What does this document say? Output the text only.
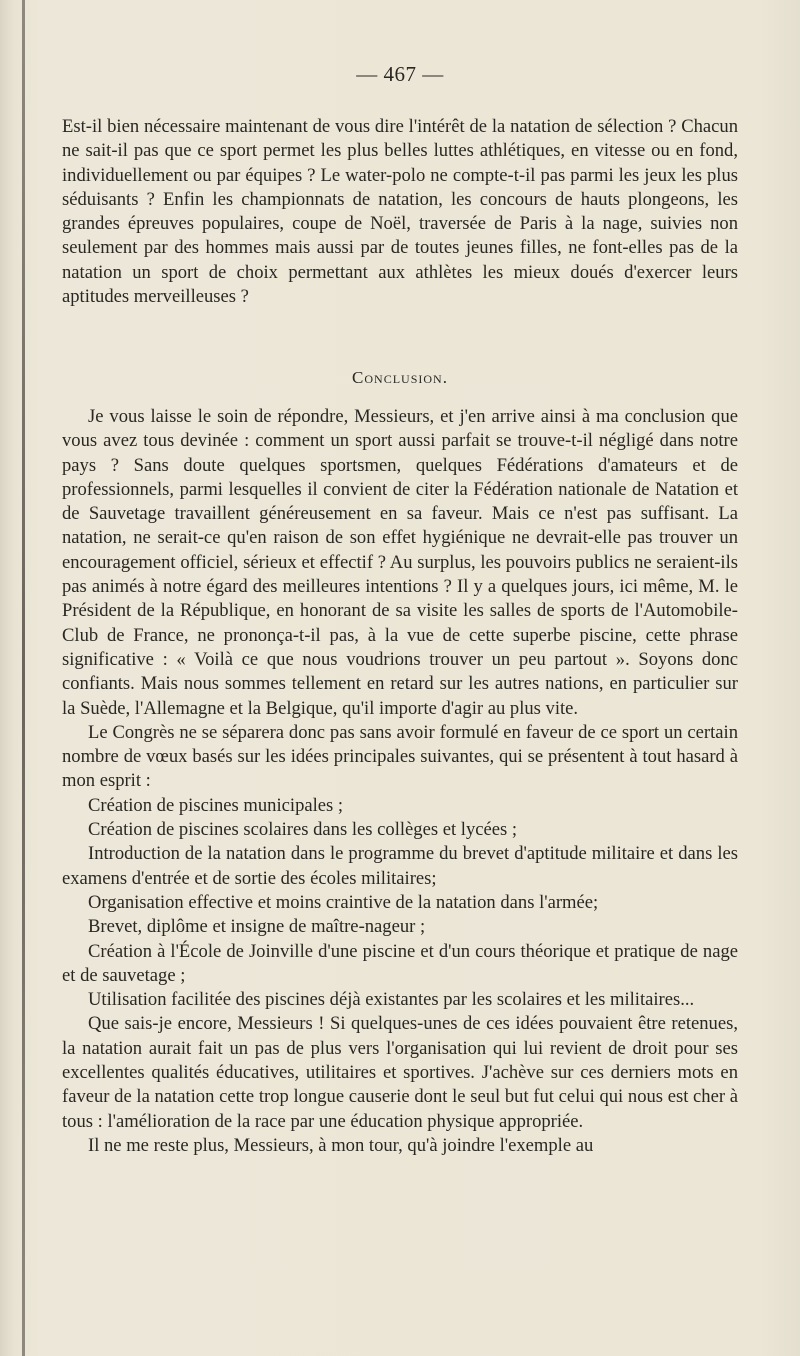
— 467 —

Est-il bien nécessaire maintenant de vous dire l'intérêt de la natation de sélection ? Chacun ne sait-il pas que ce sport permet les plus belles luttes athlétiques, en vitesse ou en fond, individuellement ou par équipes ? Le water-polo ne compte-t-il pas parmi les jeux les plus séduisants ? Enfin les championnats de natation, les concours de hauts plongeons, les grandes épreuves populaires, coupe de Noël, traversée de Paris à la nage, suivies non seulement par des hommes mais aussi par de toutes jeunes filles, ne font-elles pas de la natation un sport de choix permettant aux athlètes les mieux doués d'exercer leurs aptitudes merveilleuses ?

Conclusion.

Je vous laisse le soin de répondre, Messieurs, et j'en arrive ainsi à ma conclusion que vous avez tous devinée : comment un sport aussi parfait se trouve-t-il négligé dans notre pays ? Sans doute quelques sportsmen, quelques Fédérations d'amateurs et de professionnels, parmi lesquelles il convient de citer la Fédération nationale de Natation et de Sauvetage travaillent généreusement en sa faveur. Mais ce n'est pas suffisant. La natation, ne serait-ce qu'en raison de son effet hygiénique ne devrait-elle pas trouver un encouragement officiel, sérieux et effectif ? Au surplus, les pouvoirs publics ne seraient-ils pas animés à notre égard des meilleures intentions ? Il y a quelques jours, ici même, M. le Président de la République, en honorant de sa visite les salles de sports de l'Automobile-Club de France, ne prononça-t-il pas, à la vue de cette superbe piscine, cette phrase significative : « Voilà ce que nous voudrions trouver un peu partout ». Soyons donc confiants. Mais nous sommes tellement en retard sur les autres nations, en particulier sur la Suède, l'Allemagne et la Belgique, qu'il importe d'agir au plus vite.

Le Congrès ne se séparera donc pas sans avoir formulé en faveur de ce sport un certain nombre de vœux basés sur les idées principales suivantes, qui se présentent à tout hasard à mon esprit :

Création de piscines municipales ;

Création de piscines scolaires dans les collèges et lycées ;

Introduction de la natation dans le programme du brevet d'aptitude militaire et dans les examens d'entrée et de sortie des écoles militaires;

Organisation effective et moins craintive de la natation dans l'armée;

Brevet, diplôme et insigne de maître-nageur ;

Création à l'École de Joinville d'une piscine et d'un cours théorique et pratique de nage et de sauvetage ;

Utilisation facilitée des piscines déjà existantes par les scolaires et les militaires...

Que sais-je encore, Messieurs ! Si quelques-unes de ces idées pouvaient être retenues, la natation aurait fait un pas de plus vers l'organisation qui lui revient de droit pour ses excellentes qualités éducatives, utilitaires et sportives. J'achève sur ces derniers mots en faveur de la natation cette trop longue causerie dont le seul but fut celui qui nous est cher à tous : l'amélioration de la race par une éducation physique appropriée.

Il ne me reste plus, Messieurs, à mon tour, qu'à joindre l'exemple au
